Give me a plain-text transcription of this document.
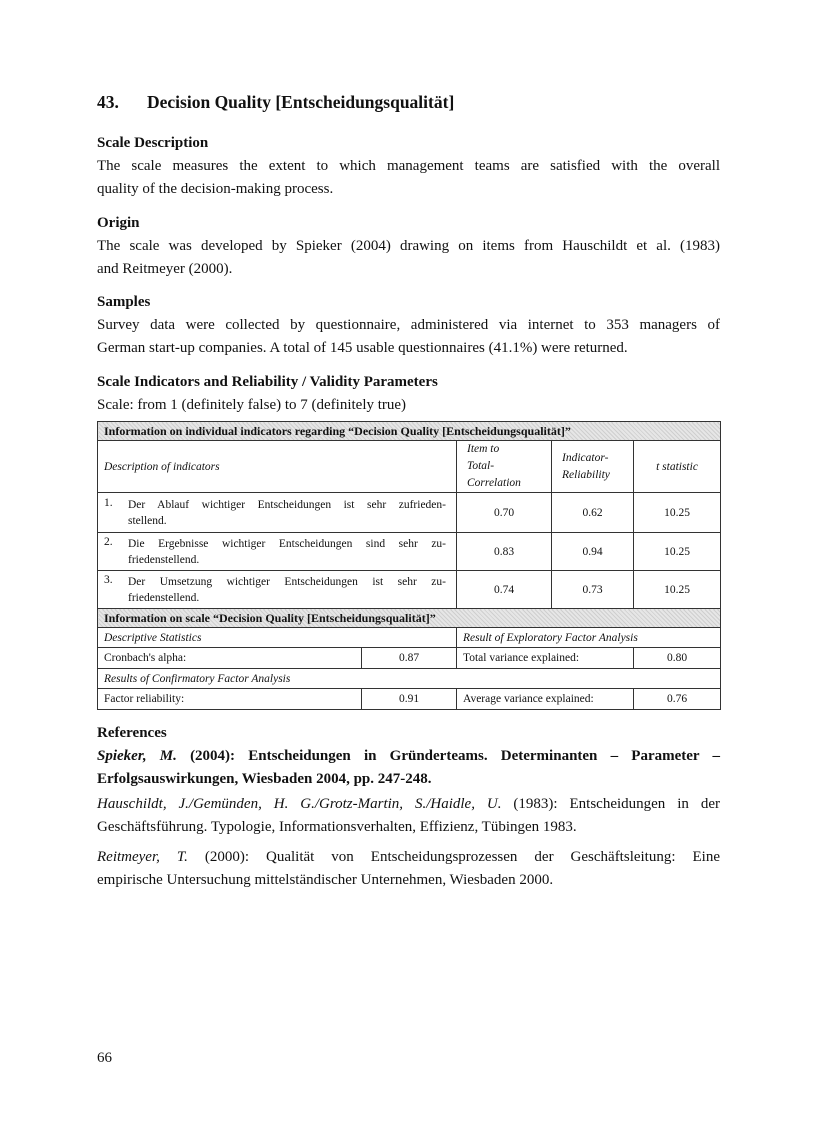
43. Decision Quality [Entscheidungsqualität]

Scale Description

The scale measures the extent to which management teams are satisfied with the overall
quality of the decision-making process.

Origin

The scale was developed by Spieker (2004) drawing on items from Hauschildt et al. (1983)
and Reitmeyer (2000).

Samples

Survey data were collected by questionnaire, administered via internet to 353 managers of
German start-up companies. A total of 145 usable questionnaires (41.1%) were returned.

Scale Indicators and Reliability / Validity Parameters

Scale: from 1 (definitely false) to 7 (definitely true)

Information on individual indicators regarding “Decision Quality [Entscheidungsqualität]”				
Description of indicators		Item to
Total-
Correlation	Indicator-
Reliability	t statistic
1. Der Ablauf wichtiger Entscheidungen ist sehr zufrieden-
stellend.		0.70	0.62	10.25
2. Die Ergebnisse wichtiger Entscheidungen sind sehr zu-
friedenstellend.		0.83	0.94	10.25
3. Der Umsetzung wichtiger Entscheidungen ist sehr zu-
friedenstellend.		0.74	0.73	10.25
Information on scale “Decision Quality [Entscheidungsqualität]”				
Descriptive Statistics		Result of Exploratory Factor Analysis		
Cronbach's alpha:	0.87	Total variance explained:		0.80
Results of Confirmatory Factor Analysis				
Factor reliability:	0.91	Average variance explained:		0.76

References

Spieker, M. (2004): Entscheidungen in Gründerteams. Determinanten – Parameter –
Erfolgsauswirkungen, Wiesbaden 2004, pp. 247-248.

Hauschildt, J./Gemünden, H. G./Grotz-Martin, S./Haidle, U. (1983): Entscheidungen in der
Geschäftsführung. Typologie, Informationsverhalten, Effizienz, Tübingen 1983.

Reitmeyer, T. (2000): Qualität von Entscheidungsprozessen der Geschäftsleitung: Eine
empirische Untersuchung mittelständischer Unternehmen, Wiesbaden 2000.

66
